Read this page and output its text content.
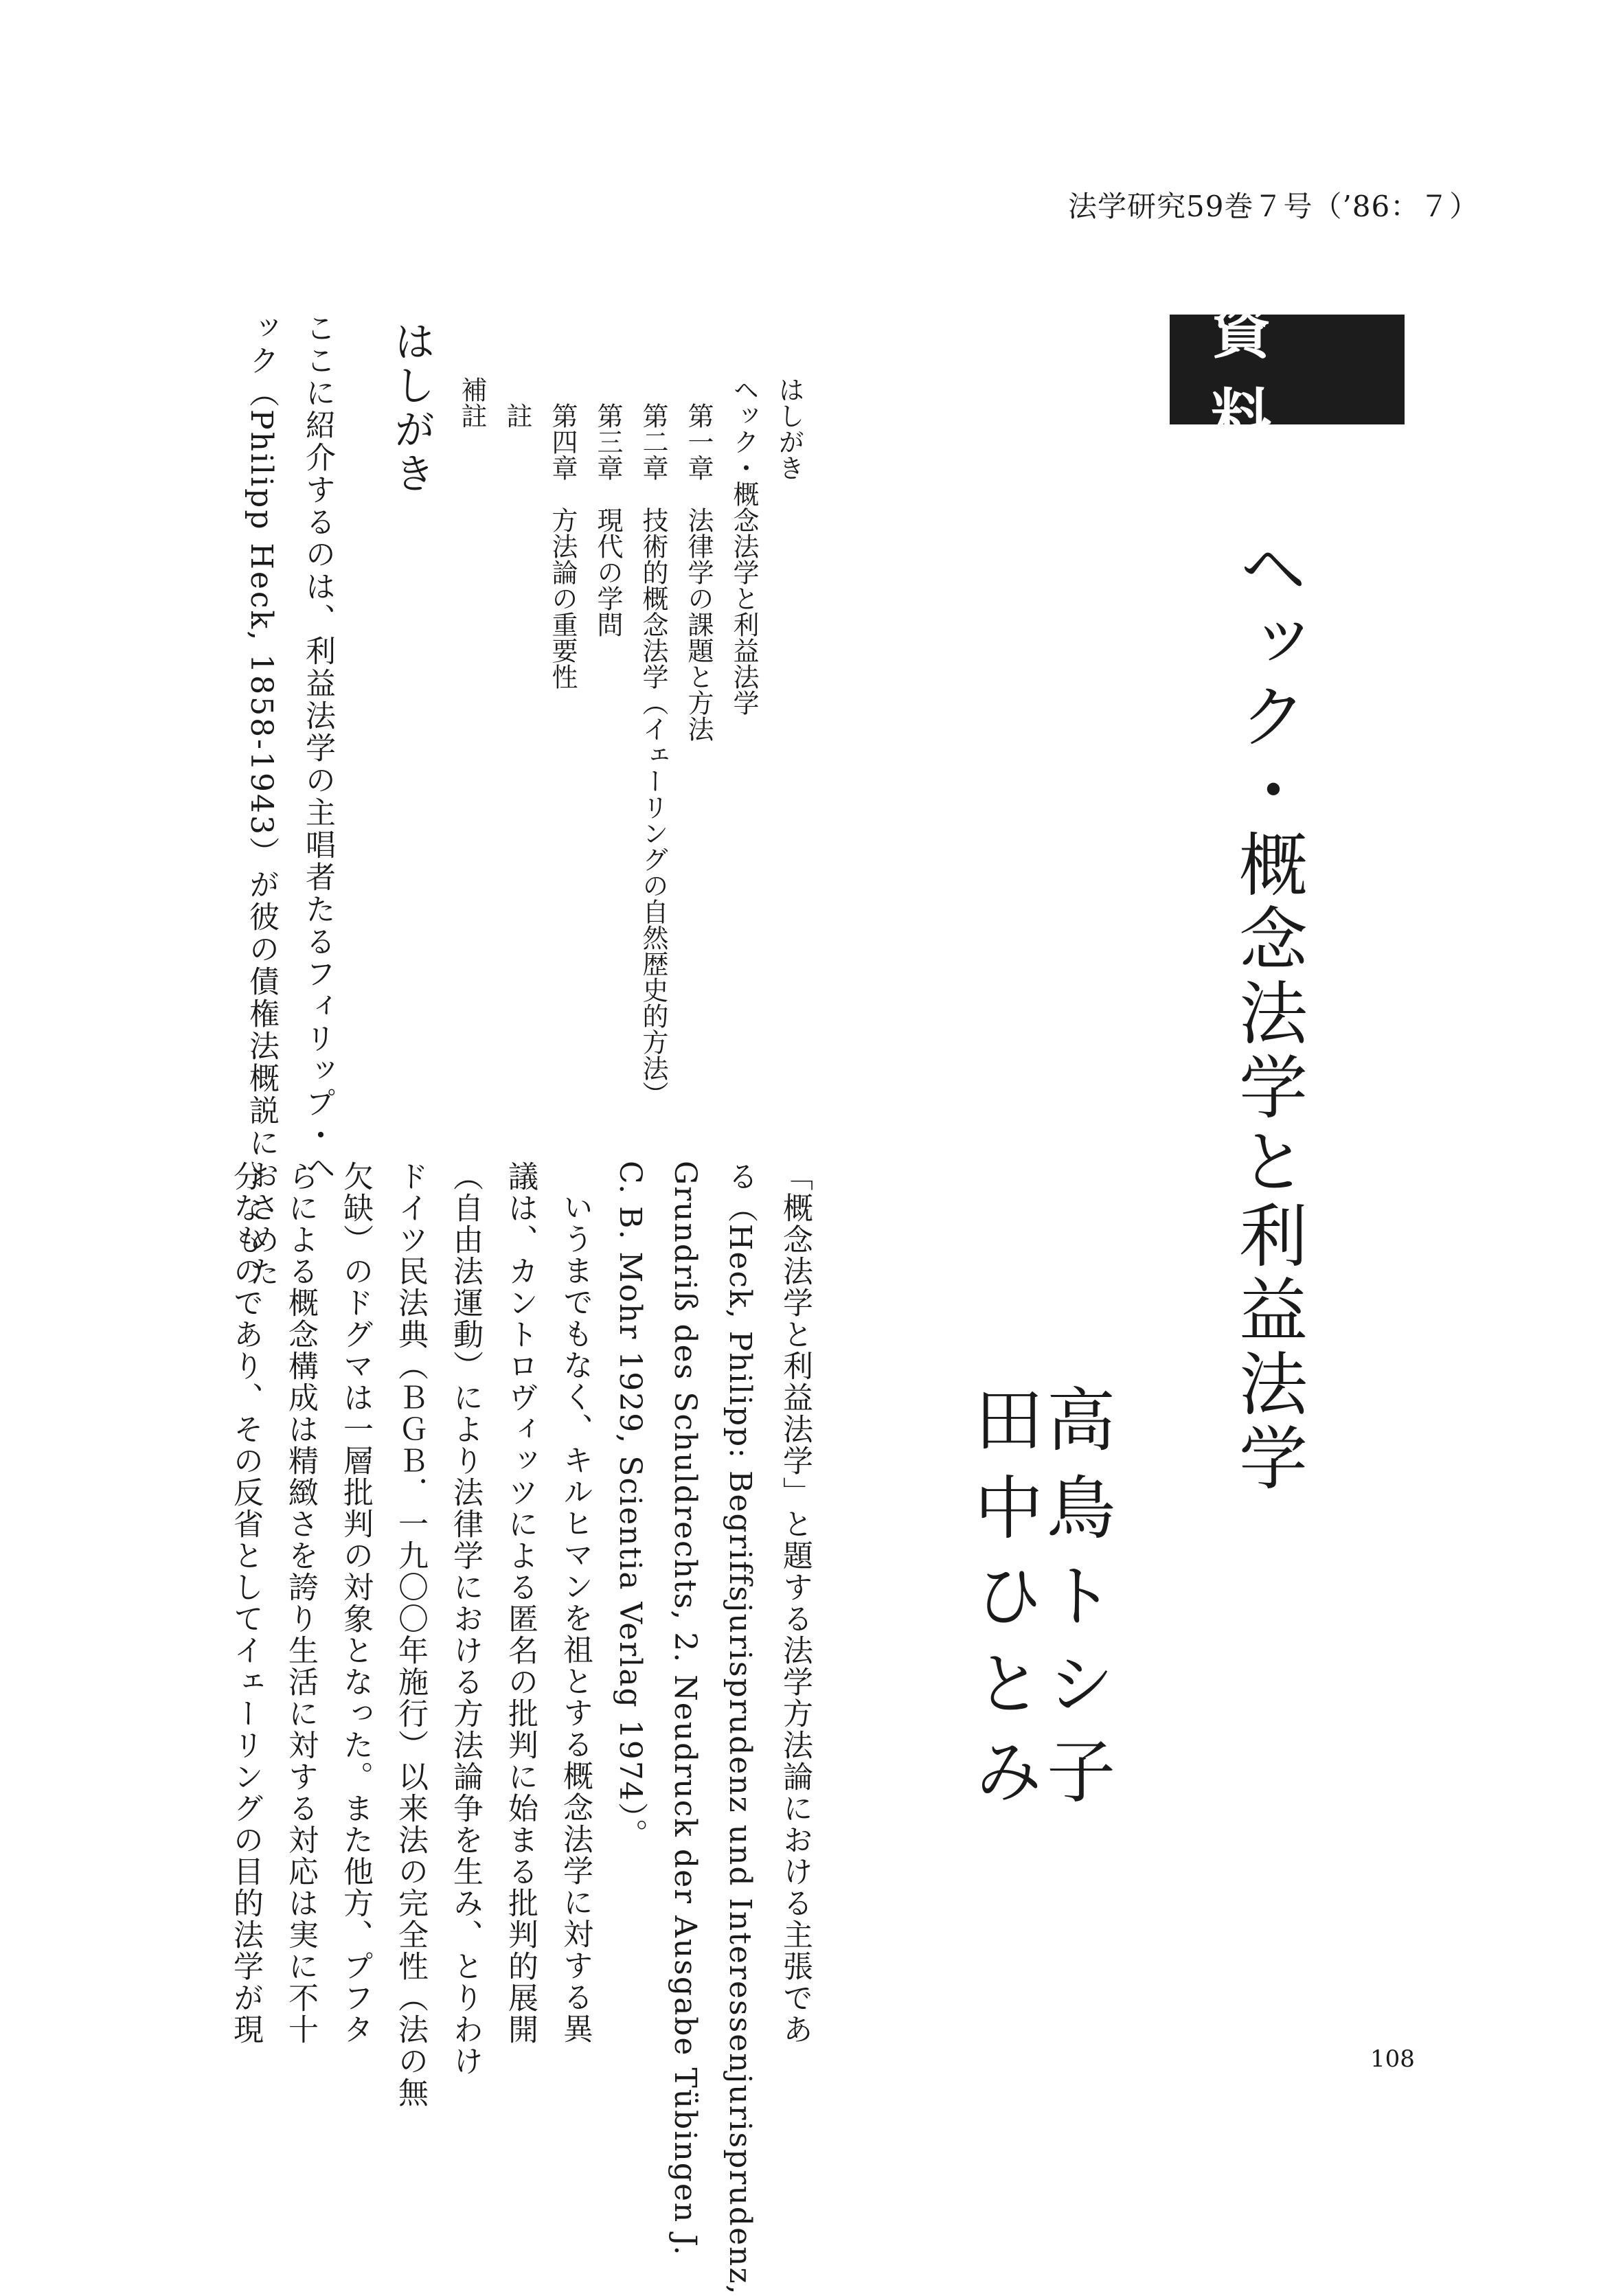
法学研究59巻７号（’86：７）
資料
ヘック・概念法学と利益法学
高鳥トシ子
田中ひとみ
はしがき
ヘック・概念法学と利益法学
第一章　法律学の課題と方法
第二章　技術的概念法学（イェーリングの自然歴史的方法）
第三章　現代の学問
第四章　方法論の重要性
註
補註
はしがき
ここに紹介するのは、利益法学の主唱者たるフィリップ・ヘ
ック（Philipp Heck, 1858-1943）が彼の債権法概説におさめた
「概念法学と利益法学」と題する法学方法論における主張であ
る（Heck, Philipp: Begriffsjurisprudenz und Interessenjurisprudenz,
Grundriß des Schuldrechts, 2. Neudruck der Ausgabe Tübingen J.
C. B. Mohr 1929, Scientia Verlag 1974）。
いうまでもなく、キルヒマンを祖とする概念法学に対する異
議は、カントロヴィッツによる匿名の批判に始まる批判的展開
（自由法運動）により法律学における方法論争を生み、とりわけ
ドイツ民法典（ＢＧＢ．一九〇〇年施行）以来法の完全性（法の無
欠缺）のドグマは一層批判の対象となった。また他方、プフタ
らによる概念構成は精緻さを誇り生活に対する対応は実に不十
分なものであり、その反省としてイェーリングの目的法学が現
108
